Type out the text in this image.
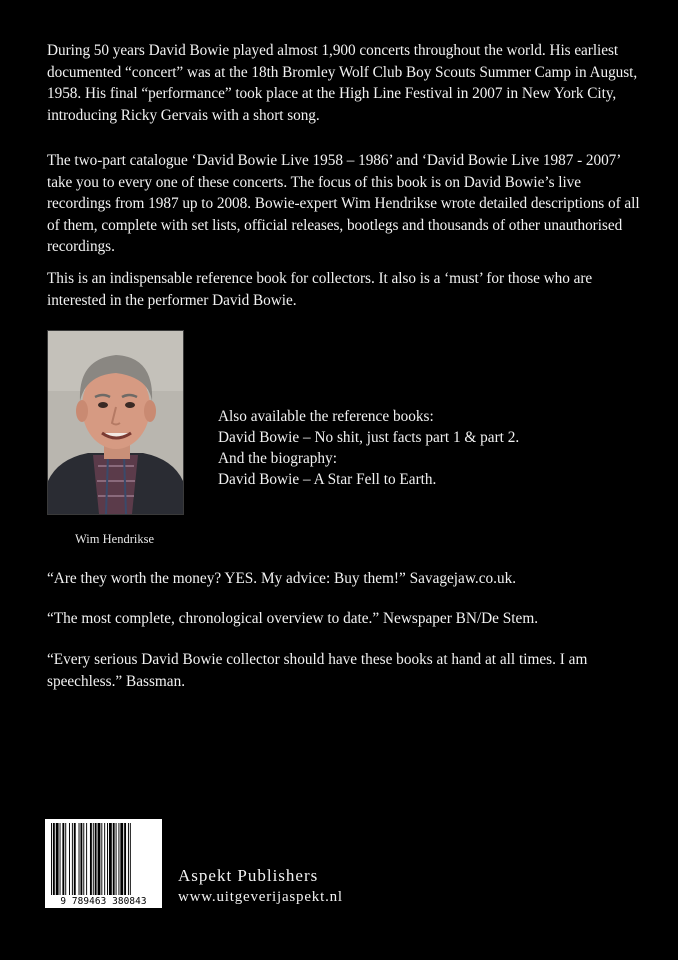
During 50 years David Bowie played almost 1,900 concerts throughout the world. His earliest documented “concert” was at the 18th Bromley Wolf Club Boy Scouts Summer Camp in August, 1958. His final “performance” took place at the High Line Festival in 2007 in New York City, introducing Ricky Gervais with a short song.

The two-part catalogue ‘David Bowie Live 1958 – 1986’ and ‘David Bowie Live 1987 - 2007’ take you to every one of these concerts. The focus of this book is on David Bowie’s live recordings from 1987 up to 2008. Bowie-expert Wim Hendrikse wrote detailed descriptions of all of them, complete with set lists, official releases, bootlegs and thousands of other unauthorised recordings.

This is an indispensable reference book for collectors. It also is a ‘must’ for those who are interested in the performer David Bowie.

Wim Hendrikse
Also available the reference books:
David Bowie – No shit, just facts part 1 & part 2.
And the biography:
David Bowie – A Star Fell to Earth.

“Are they worth the money? YES. My advice: Buy them!” Savagejaw.co.uk.

“The most complete, chronological overview to date.” Newspaper BN/De Stem.

“Every serious David Bowie collector should have these books at hand at all times. I am speechless.” Bassman.

9 789463 380843
Aspekt Publishers
www.uitgeverijaspekt.nl
